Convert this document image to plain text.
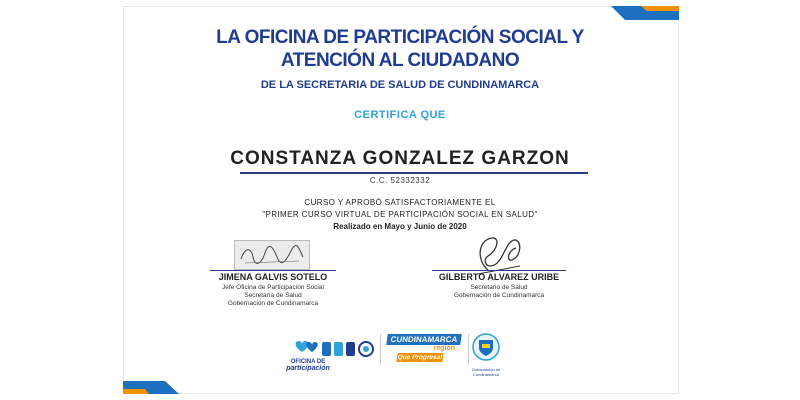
LA OFICINA DE PARTICIPACIÓN SOCIAL Y
ATENCIÓN AL CIUDADANO
DE LA SECRETARIA DE SALUD DE CUNDINAMARCA
CERTIFICA QUE
CONSTANZA GONZALEZ GARZON
C.C. 52332332
CURSO Y APROBÓ SATISFACTORIAMENTE EL
"PRIMER CURSO VIRTUAL DE PARTICIPACIÓN SOCIAL EN SALUD"
Realizado en Mayo y Junio de 2020
JIMENA GALVIS SOTELO
Jefe Oficina de Participación Social
Secretaría de Salud
Gobernación de Cundinamarca
GILBERTO ALVAREZ URIBE
Secretario de Salud
Gobernación de Cundinamarca
OFICINA DE
participación
CUNDINAMARCA
región
Que Progresa!
Gobernación de Cundinamarca
